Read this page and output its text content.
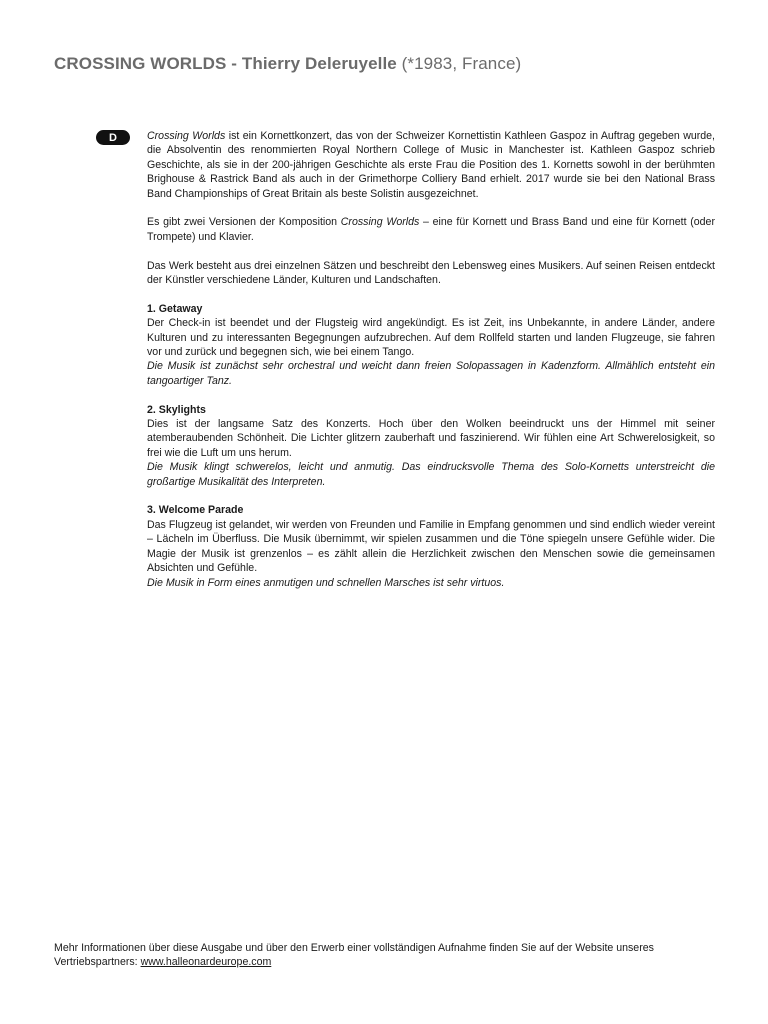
CROSSING WORLDS - Thierry Deleruyelle (*1983, France)
D	Crossing Worlds ist ein Kornettkonzert, das von der Schweizer Kornettistin Kathleen Gaspoz in Auftrag gegeben wurde, die Absolventin des renommierten Royal Northern College of Music in Manchester ist. Kathleen Gaspoz schrieb Geschichte, als sie in der 200-jährigen Geschichte als erste Frau die Position des 1. Kornetts sowohl in der berühmten Brighouse & Rastrick Band als auch in der Grimethorpe Colliery Band erhielt. 2017 wurde sie bei den National Brass Band Championships of Great Britain als beste Solistin ausgezeichnet.

Es gibt zwei Versionen der Komposition Crossing Worlds – eine für Kornett und Brass Band und eine für Kornett (oder Trompete) und Klavier.

Das Werk besteht aus drei einzelnen Sätzen und beschreibt den Lebensweg eines Musikers. Auf seinen Reisen entdeckt der Künstler verschiedene Länder, Kulturen und Landschaften.

1. Getaway

Der Check-in ist beendet und der Flugsteig wird angekündigt. Es ist Zeit, ins Unbekannte, in andere Länder, andere Kulturen und zu interessanten Begegnungen aufzubrechen. Auf dem Rollfeld starten und landen Flugzeuge, sie fahren vor und zurück und begegnen sich, wie bei einem Tango.
Die Musik ist zunächst sehr orchestral und weicht dann freien Solopassagen in Kadenzform. Allmählich entsteht ein tangoartiger Tanz.

2. Skylights

Dies ist der langsame Satz des Konzerts. Hoch über den Wolken beeindruckt uns der Himmel mit seiner atemberaubenden Schönheit. Die Lichter glitzern zauberhaft und faszinierend. Wir fühlen eine Art Schwerelosigkeit, so frei wie die Luft um uns herum.
Die Musik klingt schwerelos, leicht und anmutig. Das eindrucksvolle Thema des Solo-Kornetts unterstreicht die großartige Musikalität des Interpreten.

3. Welcome Parade

Das Flugzeug ist gelandet, wir werden von Freunden und Familie in Empfang genommen und sind endlich wieder vereint – Lächeln im Überfluss. Die Musik übernimmt, wir spielen zusammen und die Töne spiegeln unsere Gefühle wider. Die Magie der Musik ist grenzenlos – es zählt allein die Herzlichkeit zwischen den Menschen sowie die gemeinsamen Absichten und Gefühle.
Die Musik in Form eines anmutigen und schnellen Marsches ist sehr virtuos.

Mehr Informationen über diese Ausgabe und über den Erwerb einer vollständigen Aufnahme finden Sie auf der Website unseres Vertriebspartners: www.halleonardeurope.com
